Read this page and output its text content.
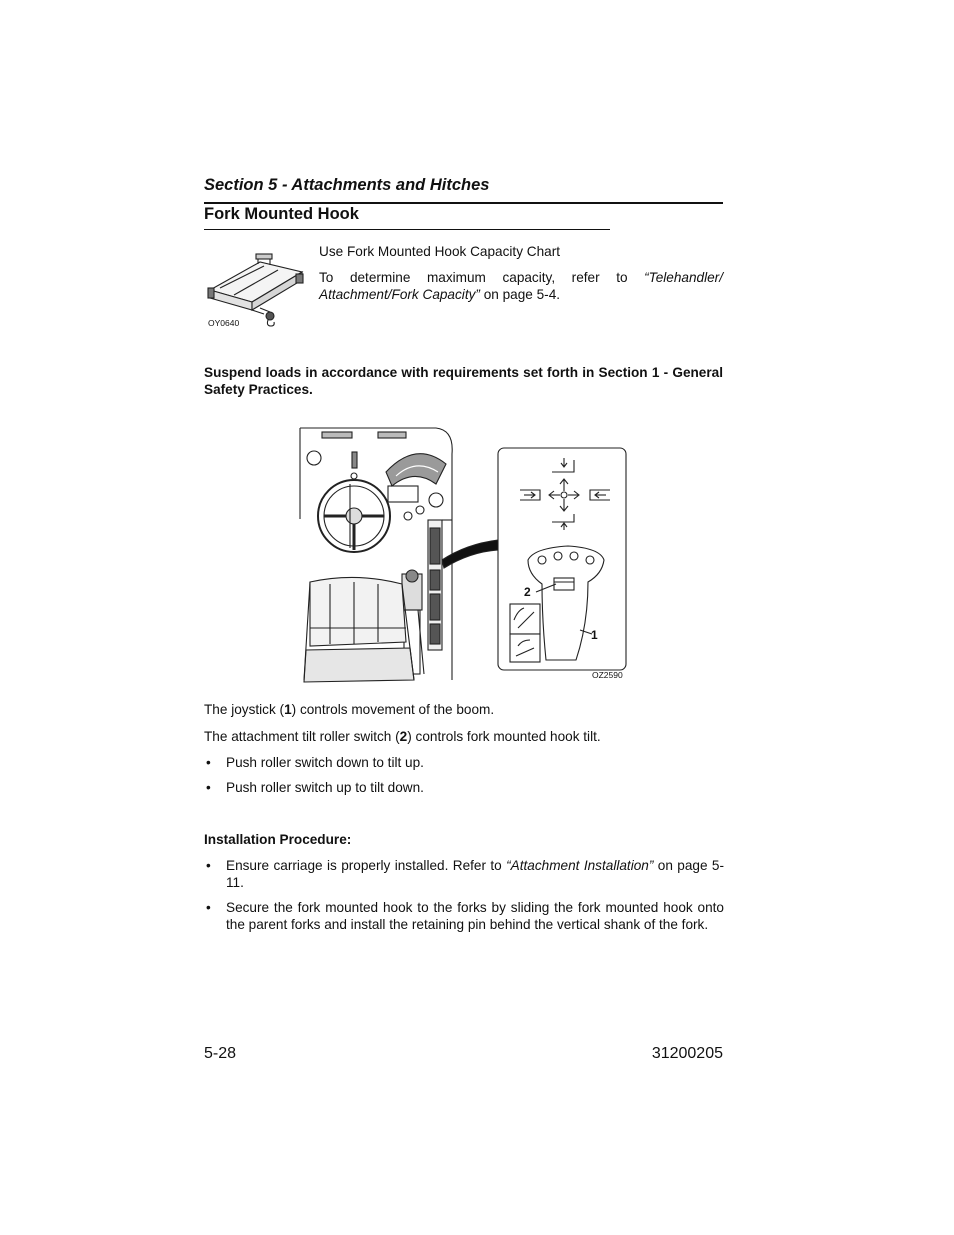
Section 5 - Attachments and Hitches
Fork Mounted Hook
OY0640
Use Fork Mounted Hook Capacity Chart
To determine maximum capacity, refer to “Telehandler/ Attachment/Fork Capacity” on page 5-4.
Suspend loads in accordance with requirements set forth in Section 1 - General Safety Practices.
2
1
OZ2590
The joystick (1) controls movement of the boom.
The attachment tilt roller switch (2) controls fork mounted hook tilt.
• Push roller switch down to tilt up.
• Push roller switch up to tilt down.
Installation Procedure:
• Ensure carriage is properly installed. Refer to “Attachment Installation” on page 5-11.
• Secure the fork mounted hook to the forks by sliding the fork mounted hook onto the parent forks and install the retaining pin behind the vertical shank of the fork.
5-28	31200205
